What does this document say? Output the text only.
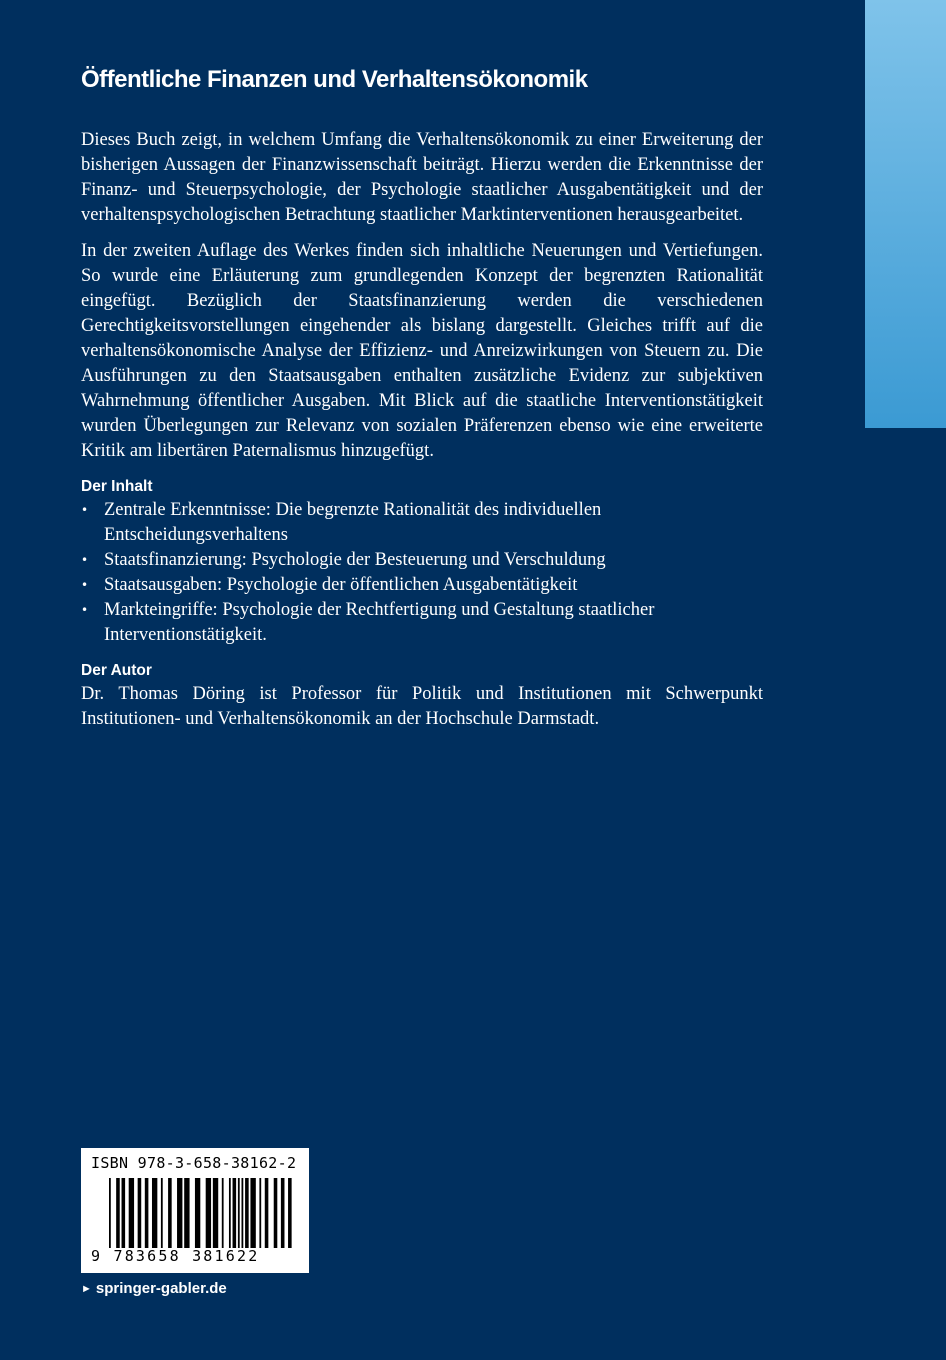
Öffentliche Finanzen und Verhaltensökonomik

Dieses Buch zeigt, in welchem Umfang die Verhaltensökonomik zu einer Erweiterung der bisherigen Aussagen der Finanzwissenschaft beiträgt. Hierzu werden die Erkenntnisse der Finanz- und Steuerpsychologie, der Psychologie staatlicher Ausgabentätigkeit und der verhaltenspsychologischen Betrachtung staatlicher Marktinterventionen herausgearbeitet.

In der zweiten Auflage des Werkes finden sich inhaltliche Neuerungen und Vertiefungen. So wurde eine Erläuterung zum grundlegenden Konzept der begrenzten Rationalität eingefügt. Bezüglich der Staatsfinanzierung werden die verschiedenen Gerechtigkeitsvorstellungen eingehender als bislang dargestellt. Gleiches trifft auf die verhaltensökonomische Analyse der Effizienz- und Anreizwirkungen von Steuern zu. Die Ausführungen zu den Staatsausgaben enthalten zusätzliche Evidenz zur subjektiven Wahrnehmung öffentlicher Ausgaben. Mit Blick auf die staatliche Interventionstätigkeit wurden Überlegungen zur Relevanz von sozialen Präferenzen ebenso wie eine erweiterte Kritik am libertären Paternalismus hinzugefügt.

Der Inhalt
• Zentrale Erkenntnisse: Die begrenzte Rationalität des individuellen Entscheidungsverhaltens
• Staatsfinanzierung: Psychologie der Besteuerung und Verschuldung
• Staatsausgaben: Psychologie der öffentlichen Ausgabentätigkeit
• Markteingriffe: Psychologie der Rechtfertigung und Gestaltung staatlicher Interventionstätigkeit.
Der Autor

Dr. Thomas Döring ist Professor für Politik und Institutionen mit Schwerpunkt Institutionen- und Verhaltensökonomik an der Hochschule Darmstadt.

ISBN 978-3-658-38162-2
9 783658 381622
► springer-gabler.de
